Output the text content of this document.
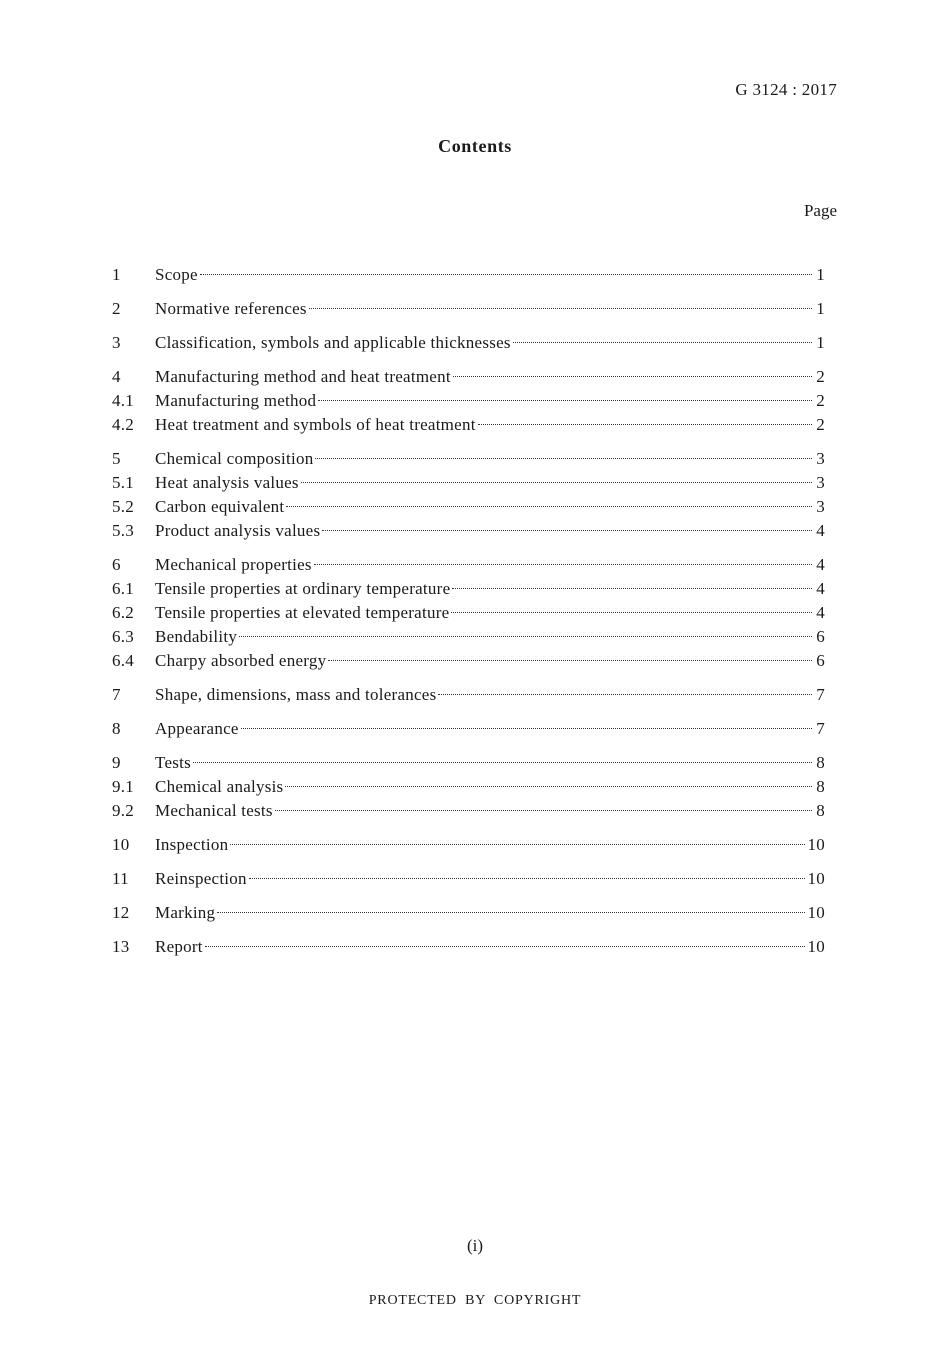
G 3124 : 2017
Contents
Page
1	Scope	1
2	Normative references	1
3	Classification, symbols and applicable thicknesses	1
4	Manufacturing method and heat treatment	2
4.1	Manufacturing method	2
4.2	Heat treatment and symbols of heat treatment	2
5	Chemical composition	3
5.1	Heat analysis values	3
5.2	Carbon equivalent	3
5.3	Product analysis values	4
6	Mechanical properties	4
6.1	Tensile properties at ordinary temperature	4
6.2	Tensile properties at elevated temperature	4
6.3	Bendability	6
6.4	Charpy absorbed energy	6
7	Shape, dimensions, mass and tolerances	7
8	Appearance	7
9	Tests	8
9.1	Chemical analysis	8
9.2	Mechanical tests	8
10	Inspection	10
11	Reinspection	10
12	Marking	10
13	Report	10
(i)
PROTECTED BY COPYRIGHT
